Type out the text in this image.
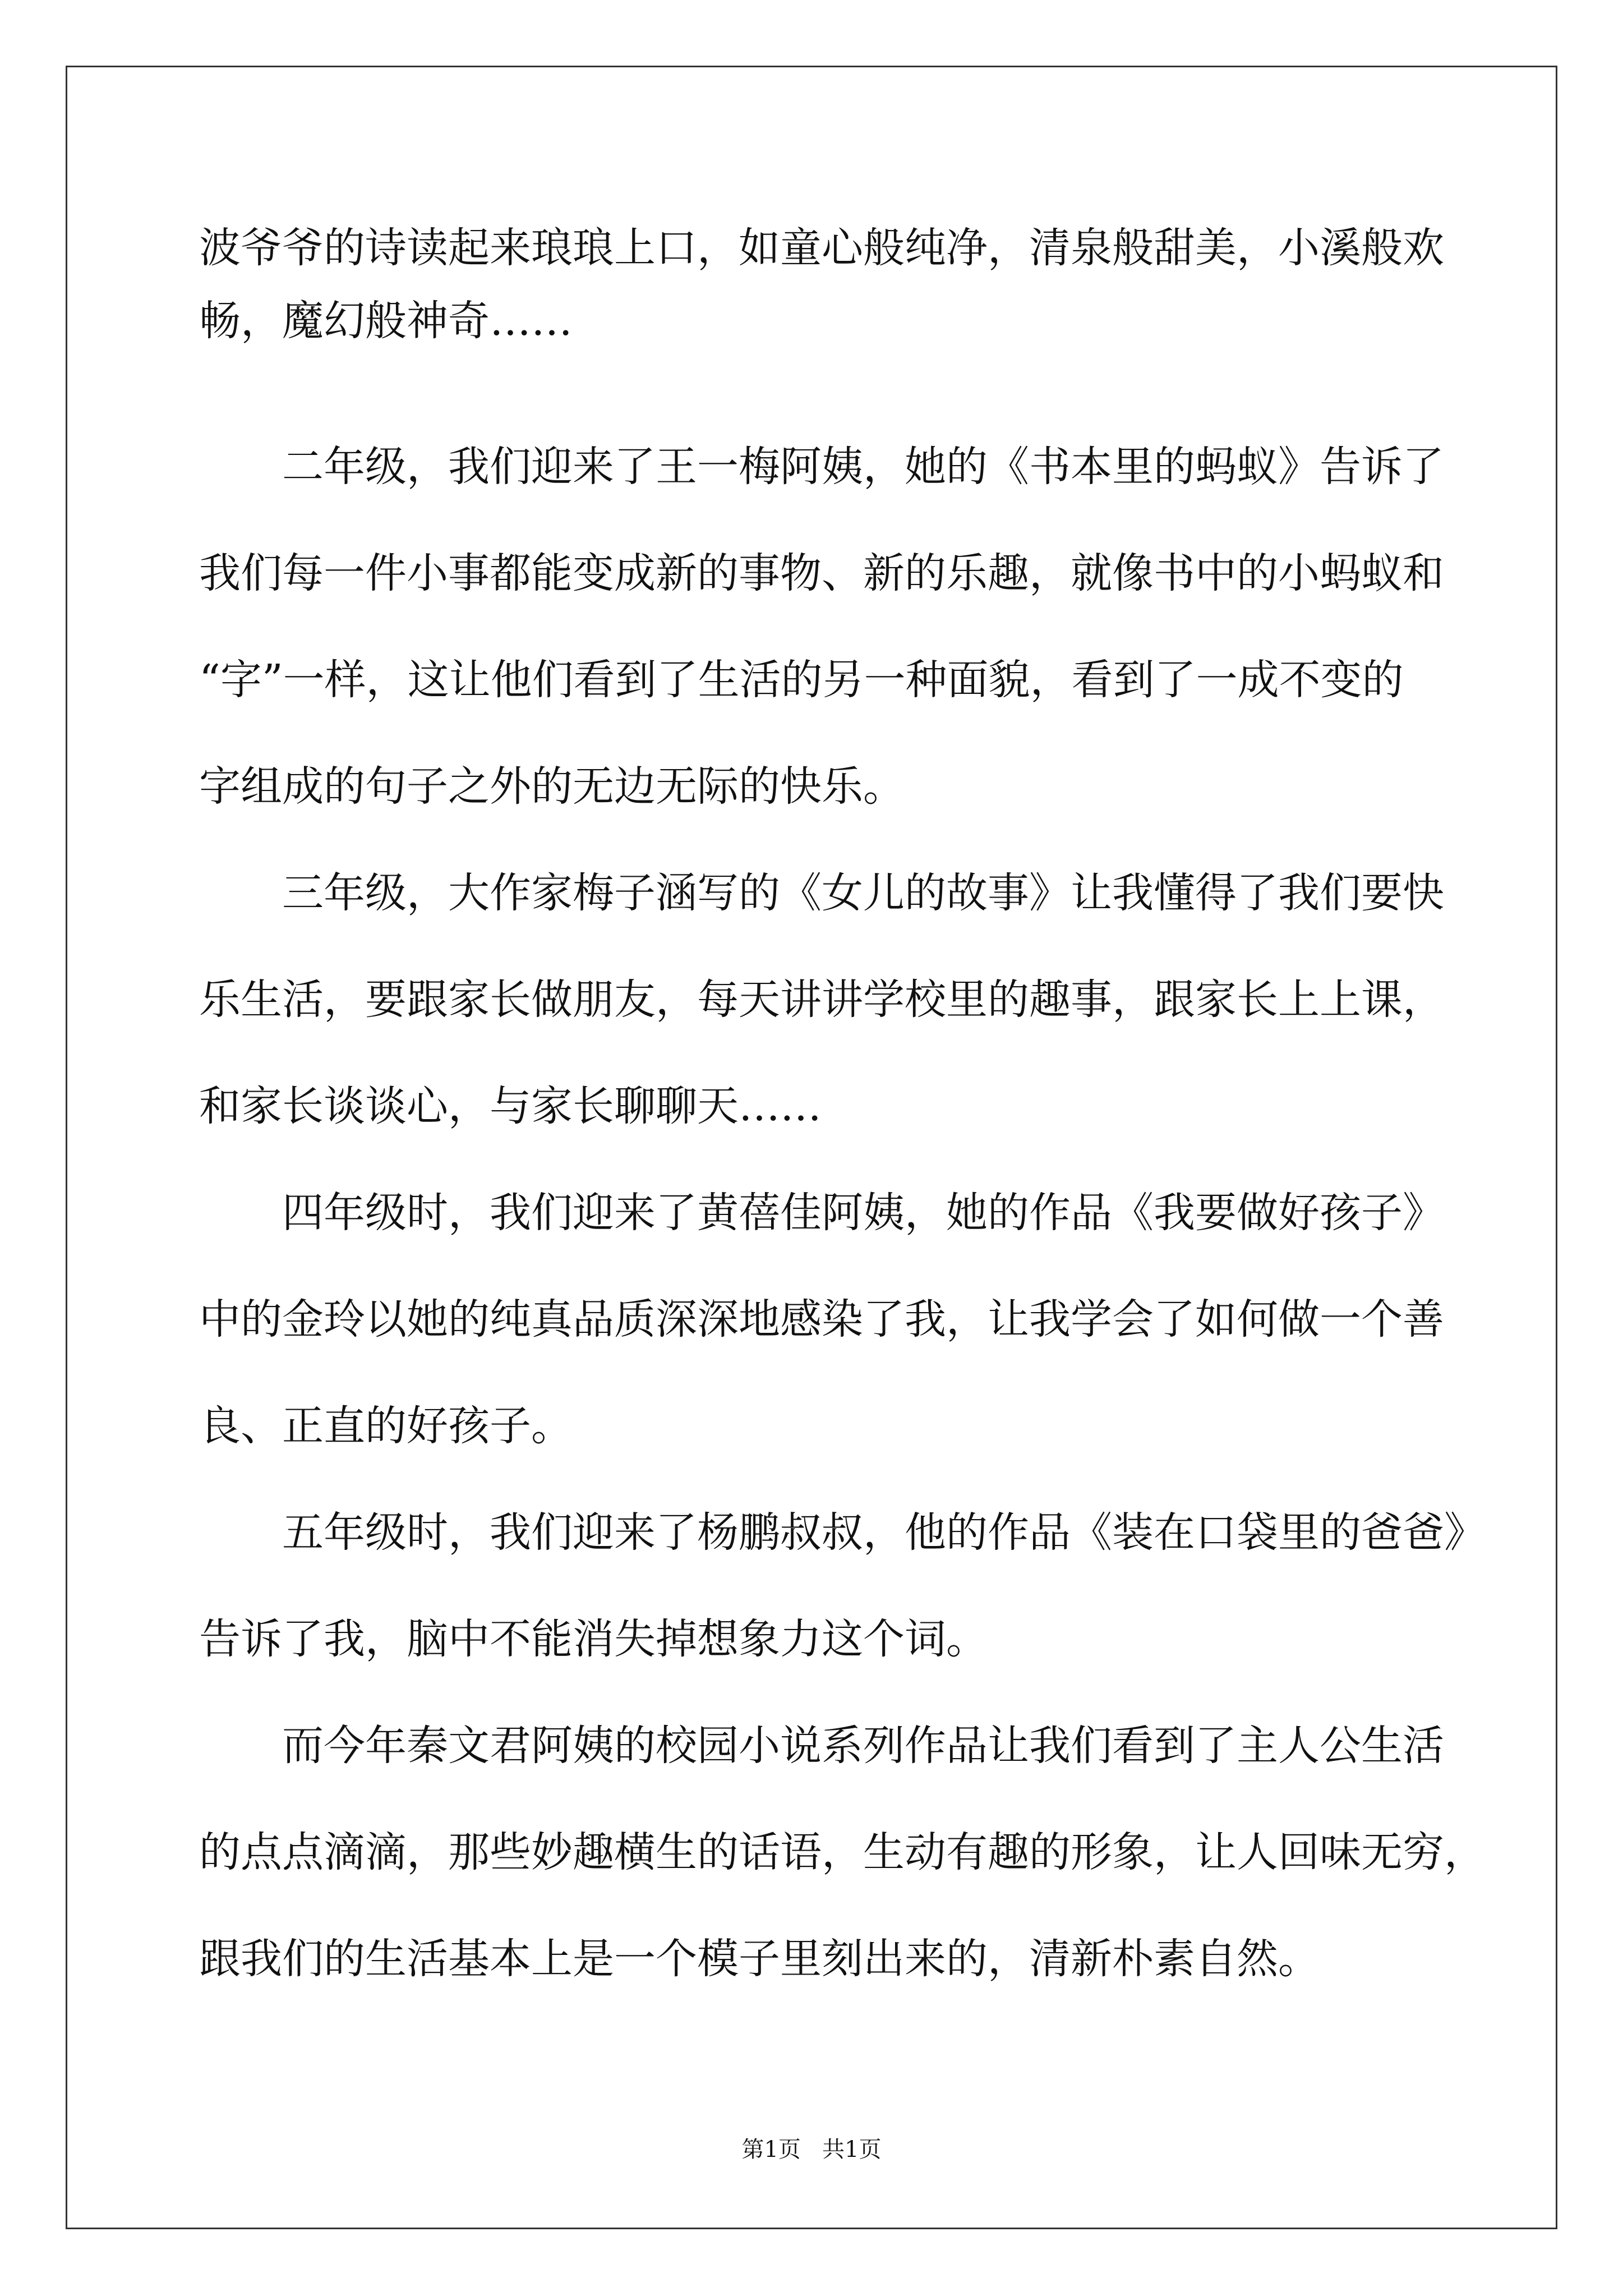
波爷爷的诗读起来琅琅上口，如童心般纯净，清泉般甜美，小溪般欢
畅，魔幻般神奇……
二年级，我们迎来了王一梅阿姨，她的《书本里的蚂蚁》告诉了
我们每一件小事都能变成新的事物、新的乐趣，就像书中的小蚂蚁和
“字”一样，这让他们看到了生活的另一种面貌，看到了一成不变的
字组成的句子之外的无边无际的快乐。
三年级，大作家梅子涵写的《女儿的故事》让我懂得了我们要快
乐生活，要跟家长做朋友，每天讲讲学校里的趣事，跟家长上上课，
和家长谈谈心，与家长聊聊天……
四年级时，我们迎来了黄蓓佳阿姨，她的作品《我要做好孩子》
中的金玲以她的纯真品质深深地感染了我，让我学会了如何做一个善
良、正直的好孩子。
五年级时，我们迎来了杨鹏叔叔，他的作品《装在口袋里的爸爸》
告诉了我，脑中不能消失掉想象力这个词。
而今年秦文君阿姨的校园小说系列作品让我们看到了主人公生活
的点点滴滴，那些妙趣横生的话语，生动有趣的形象，让人回味无穷，
跟我们的生活基本上是一个模子里刻出来的，清新朴素自然。
第1页   共1页
